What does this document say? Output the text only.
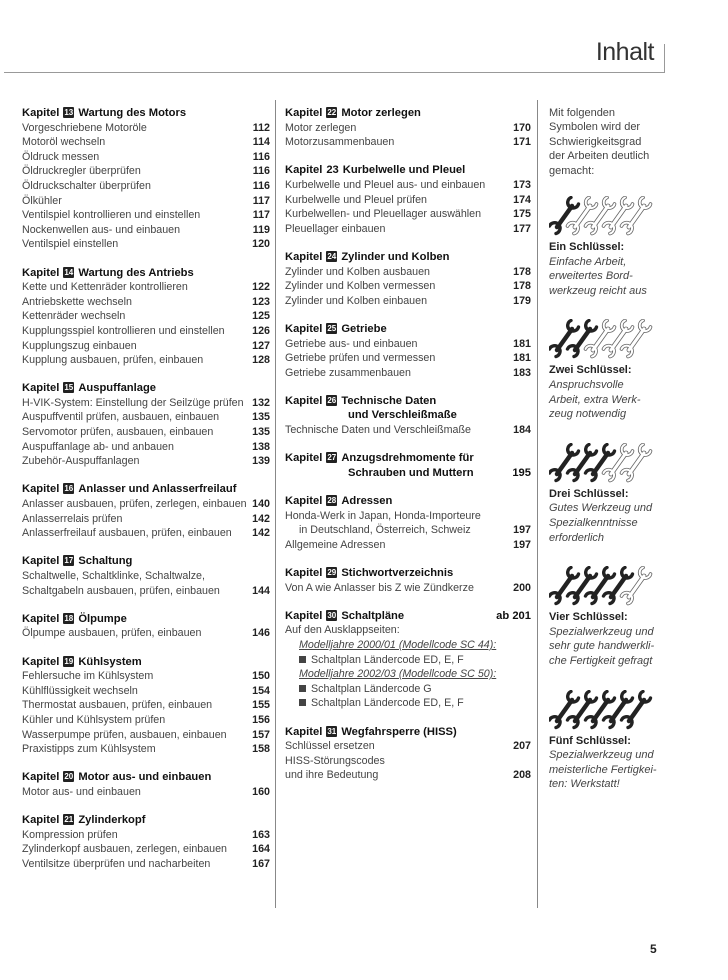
Inhalt
Kapitel 13 Wartung des Motors
Vorgeschriebene Motoröle	112
Motoröl wechseln	114
Öldruck messen	116
Öldruckregler überprüfen	116
Öldruckschalter überprüfen	116
Ölkühler	117
Ventilspiel kontrollieren und einstellen	117
Nockenwellen aus- und einbauen	119
Ventilspiel einstellen	120
Kapitel 14 Wartung des Antriebs
Kette und Kettenräder kontrollieren	122
Antriebskette wechseln	123
Kettenräder wechseln	125
Kupplungsspiel kontrollieren und einstellen	126
Kupplungszug einbauen	127
Kupplung ausbauen, prüfen, einbauen	128
Kapitel 15 Auspuffanlage
H-VIK-System: Einstellung der Seilzüge prüfen 132
Auspuffventil prüfen, ausbauen, einbauen	135
Servomotor prüfen, ausbauen, einbauen	135
Auspuffanlage ab- und anbauen	138
Zubehör-Auspuffanlagen	139
Kapitel 16 Anlasser und Anlasserfreilauf
Anlasser ausbauen, prüfen, zerlegen, einbauen 140
Anlasserrelais prüfen	142
Anlasserfreilauf ausbauen, prüfen, einbauen	142
Kapitel 17 Schaltung
Schaltwelle, Schaltklinke, Schaltwalze,
Schaltgabeln ausbauen, prüfen, einbauen	144
Kapitel 18 Ölpumpe
Ölpumpe ausbauen, prüfen, einbauen	146
Kapitel 19 Kühlsystem
Fehlersuche im Kühlsystem	150
Kühlflüssigkeit wechseln	154
Thermostat ausbauen, prüfen, einbauen	155
Kühler und Kühlsystem prüfen	156
Wasserpumpe prüfen, ausbauen, einbauen	157
Praxistipps zum Kühlsystem	158
Kapitel 20 Motor aus- und einbauen
Motor aus- und einbauen	160
Kapitel 21 Zylinderkopf
Kompression prüfen	163
Zylinderkopf ausbauen, zerlegen, einbauen	164
Ventilsitze überprüfen und nacharbeiten	167
Kapitel 22 Motor zerlegen
Motor zerlegen	170
Motorzusammenbauen	171
Kapitel 23 Kurbelwelle und Pleuel
Kurbelwelle und Pleuel aus- und einbauen	173
Kurbelwelle und Pleuel prüfen	174
Kurbelwellen- und Pleuellager auswählen	175
Pleuellager einbauen	177
Kapitel 24 Zylinder und Kolben
Zylinder und Kolben ausbauen	178
Zylinder und Kolben vermessen	178
Zylinder und Kolben einbauen	179
Kapitel 25 Getriebe
Getriebe aus- und einbauen	181
Getriebe prüfen und vermessen	181
Getriebe zusammenbauen	183
Kapitel 26 Technische Daten
und Verschleißmaße
Technische Daten und Verschleißmaße	184
Kapitel 27 Anzugsdrehmomente für
Schrauben und Muttern	195
Kapitel 28 Adressen
Honda-Werk in Japan, Honda-Importeure
in Deutschland, Österreich, Schweiz	197
Allgemeine Adressen	197
Kapitel 29 Stichwortverzeichnis
Von A wie Anlasser bis Z wie Zündkerze	200
Kapitel 30 Schaltpläne	ab 201
Auf den Ausklappseiten:
Modelljahre 2000/01 (Modellcode SC 44):
Schaltplan Ländercode ED, E, F
Modelljahre 2002/03 (Modellcode SC 50):
Schaltplan Ländercode G
Schaltplan Ländercode ED, E, F
Kapitel 31 Wegfahrsperre (HISS)
Schlüssel ersetzen	207
HISS-Störungscodes
und ihre Bedeutung	208
Mit folgenden
Symbolen wird der
Schwierigkeitsgrad
der Arbeiten deutlich
gemacht:
Ein Schlüssel:
Einfache Arbeit,
erweitertes Bord-
werkzeug reicht aus
Zwei Schlüssel:
Anspruchsvolle
Arbeit, extra Werk-
zeug notwendig
Drei Schlüssel:
Gutes Werkzeug und
Spezialkenntnisse
erforderlich
Vier Schlüssel:
Spezialwerkzeug und
sehr gute handwerkli-
che Fertigkeit gefragt
Fünf Schlüssel:
Spezialwerkzeug und
meisterliche Fertigkei-
ten: Werkstatt!
5
